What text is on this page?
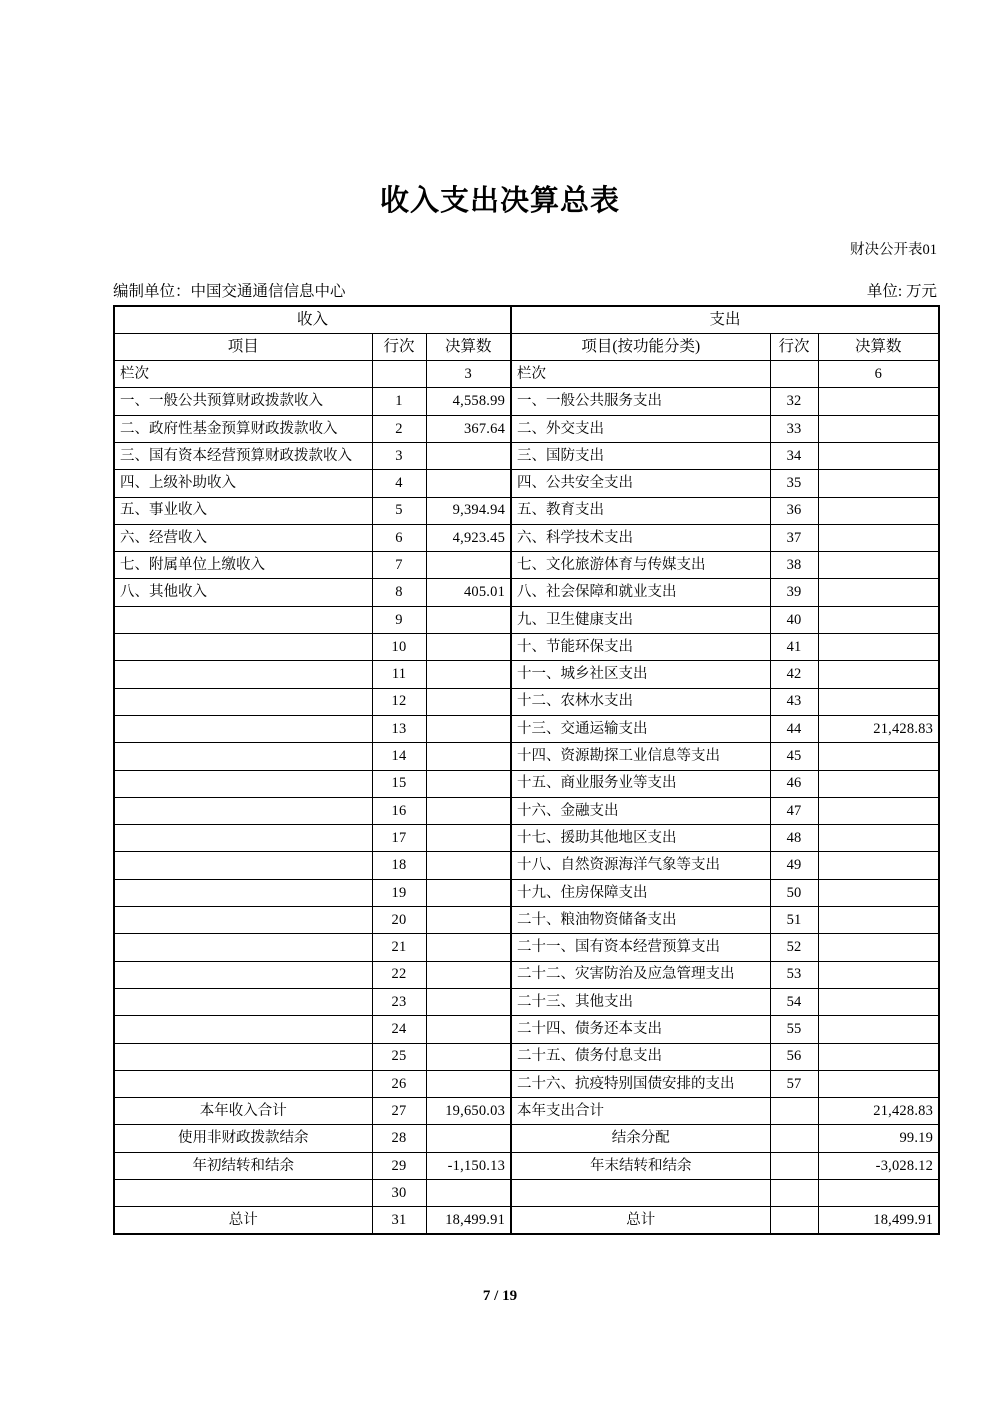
收入支出决算总表
财决公开表01
编制单位：中国交通通信信息中心	单位: 万元
收入			支出		
项目	行次	决算数	项目(按功能分类)	行次	决算数
栏次		3	栏次		6
一、一般公共预算财政拨款收入	1	4,558.99	一、一般公共服务支出	32	
二、政府性基金预算财政拨款收入	2	367.64	二、外交支出	33	
三、国有资本经营预算财政拨款收入	3		三、国防支出	34	
四、上级补助收入	4		四、公共安全支出	35	
五、事业收入	5	9,394.94	五、教育支出	36	
六、经营收入	6	4,923.45	六、科学技术支出	37	
七、附属单位上缴收入	7		七、文化旅游体育与传媒支出	38	
八、其他收入	8	405.01	八、社会保障和就业支出	39	
	9		九、卫生健康支出	40	
	10		十、节能环保支出	41	
	11		十一、城乡社区支出	42	
	12		十二、农林水支出	43	
	13		十三、交通运输支出	44	21,428.83
	14		十四、资源勘探工业信息等支出	45	
	15		十五、商业服务业等支出	46	
	16		十六、金融支出	47	
	17		十七、援助其他地区支出	48	
	18		十八、自然资源海洋气象等支出	49	
	19		十九、住房保障支出	50	
	20		二十、粮油物资储备支出	51	
	21		二十一、国有资本经营预算支出	52	
	22		二十二、灾害防治及应急管理支出	53	
	23		二十三、其他支出	54	
	24		二十四、债务还本支出	55	
	25		二十五、债务付息支出	56	
	26		二十六、抗疫特别国债安排的支出	57	
本年收入合计	27	19,650.03	本年支出合计		21,428.83
使用非财政拨款结余	28		结余分配		99.19
年初结转和结余	29	-1,150.13	年末结转和结余		-3,028.12
	30				
总计	31	18,499.91	总计		18,499.91
7 / 19
